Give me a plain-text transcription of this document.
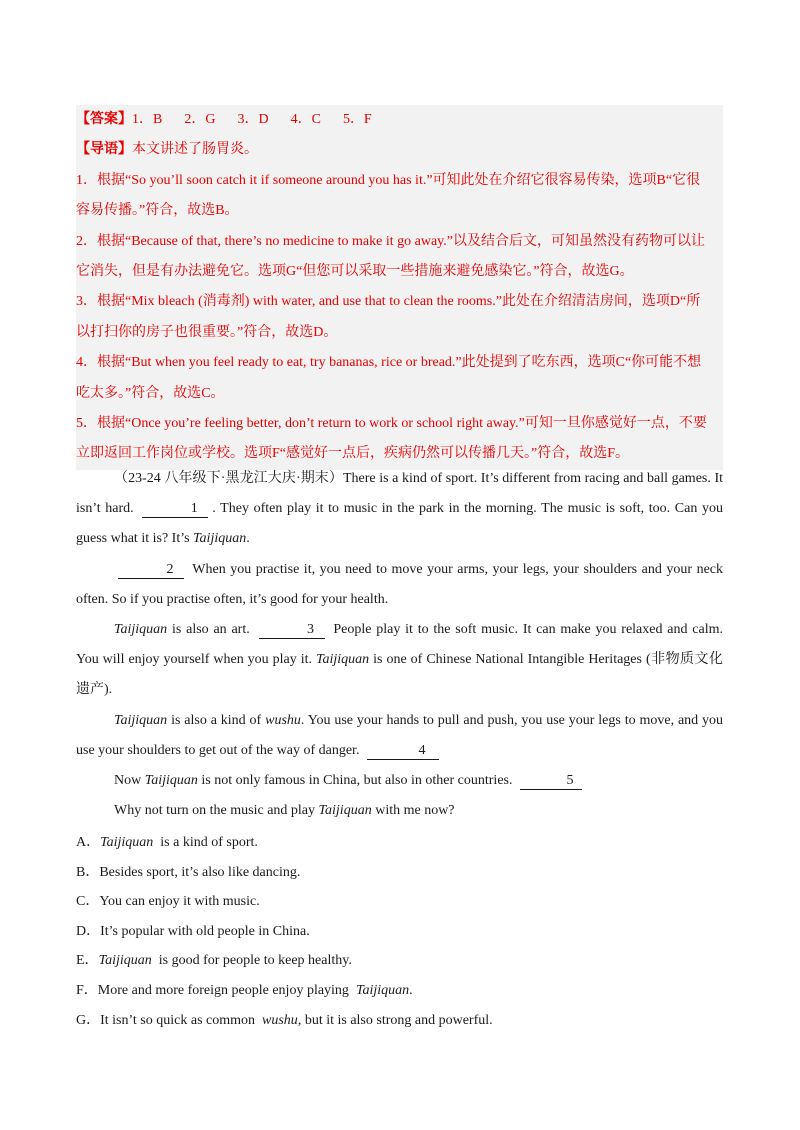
【答案】1．B 2．G 3．D 4．C 5．F
【导语】本文讲述了肠胃炎。
1．根据“So you’ll soon catch it if someone around you has it.”可知此处在介绍它很容易传染，选项B“它很
容易传播。”符合，故选B。
2．根据“Because of that, there’s no medicine to make it go away.”以及结合后文，可知虽然没有药物可以让
它消失，但是有办法避免它。选项G“但您可以采取一些措施来避免感染它。”符合，故选G。
3．根据“Mix bleach (消毒剂) with water, and use that to clean the rooms.”此处在介绍清洁房间，选项D“所
以打扫你的房子也很重要。”符合，故选D。
4．根据“But when you feel ready to eat, try bananas, rice or bread.”此处提到了吃东西，选项C“你可能不想
吃太多。”符合，故选C。
5．根据“Once you’re feeling better, don’t return to work or school right away.”可知一旦你感觉好一点，不要
立即返回工作岗位或学校。选项F“感觉好一点后，疾病仍然可以传播几天。”符合，故选F。

（23-24 八年级下·黑龙江大庆·期末）There is a kind of sport. It’s different from racing and ball games. It isn’t hard.	1 . They often play it to music in the park in the morning. The music is soft, too. Can you guess what it is? It’s Taijiquan.

2 When you practise it, you need to move your arms, your legs, your shoulders and your neck often. So if you practise often, it’s good for your health.

Taijiquan is also an art.	3 People play it to the soft music. It can make you relaxed and calm. You will enjoy yourself when you play it. Taijiquan is one of Chinese National Intangible Heritages (非物质文化遗产).

Taijiquan is also a kind of wushu. You use your hands to pull and push, you use your legs to move, and you use your shoulders to get out of the way of danger.	4

Now Taijiquan is not only famous in China, but also in other countries.	5

Why not turn on the music and play Taijiquan with me now?

A．Taijiquan is a kind of sport.
B．Besides sport, it’s also like dancing.
C．You can enjoy it with music.
D．It’s popular with old people in China.
E．Taijiquan is good for people to keep healthy.
F．More and more foreign people enjoy playing Taijiquan.
G．It isn’t so quick as common wushu, but it is also strong and powerful.
